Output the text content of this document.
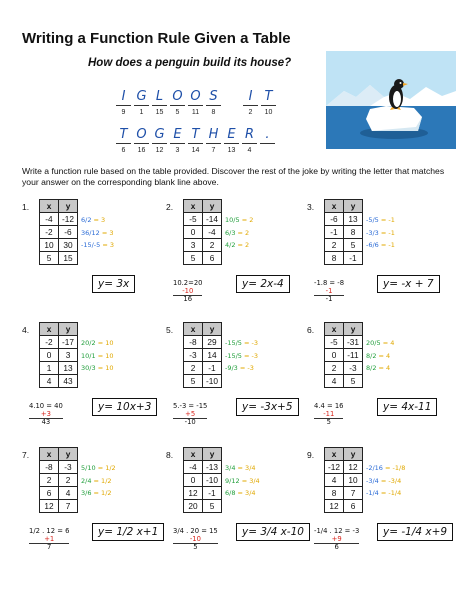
Writing a Function Rule Given a Table
How does a penguin build its house?
I
9
G
1
L
15
O
5
O
11
S
8
I
2
T
10
T
6
O
16
G
12
E
3
T
14
H
7
E
13
R
4
.
Write a function rule based on the table provided. Discover the rest of the joke by writing the letter that matches your answer on the corresponding blank line above.
1. x	y
-4	-12
-2	-6
10	30
5	15
6/2 = 3
36/12 = 3
-15/-5 = 3
y= 3x
2. x	y
-5	-14
0	-4
3	2
5	6
10/5 = 2
6/3 = 2
4/2 = 2
10.2=20
-10
16
y= 2x-4
3. x	y
-6	13
-1	8
2	5
8	-1
-5/5 = -1
-3/3 = -1
-6/6 = -1
-1.8 = -8
-1
-1
y= -x + 7
4. x	y
-2	-17
0	3
1	13
4	43
20/2 = 10
10/1 = 10
30/3 = 10
4.10 = 40
+3
43
y= 10x+3
5. x	y
-8	29
-3	14
2	-1
5	-10
-15/5 = -3
-15/5 = -3
-9/3 = -3
5.-3 = -15
+5
-10
y= -3x+5
6. x	y
-5	-31
0	-11
2	-3
4	5
20/5 = 4
8/2 = 4
8/2 = 4
4.4 = 16
-11
5
y= 4x-11
7. x	y
-8	-3
2	2
6	4
12	7
5/10 = 1/2
2/4 = 1/2
3/6 = 1/2
1/2 . 12 = 6
+1
7
y= 1/2 x+1
8. x	y
-4	-13
0	-10
12	-1
20	5
3/4 = 3/4
9/12 = 3/4
6/8 = 3/4
3/4 . 20 = 15
-10
5
y= 3/4 x-10
9. x	y
-12	12
4	10
8	7
12	6
-2/16 = -1/8
-3/4 = -3/4
-1/4 = -1/4
-1/4 . 12 = -3
+9
6
y= -1/4 x+9
